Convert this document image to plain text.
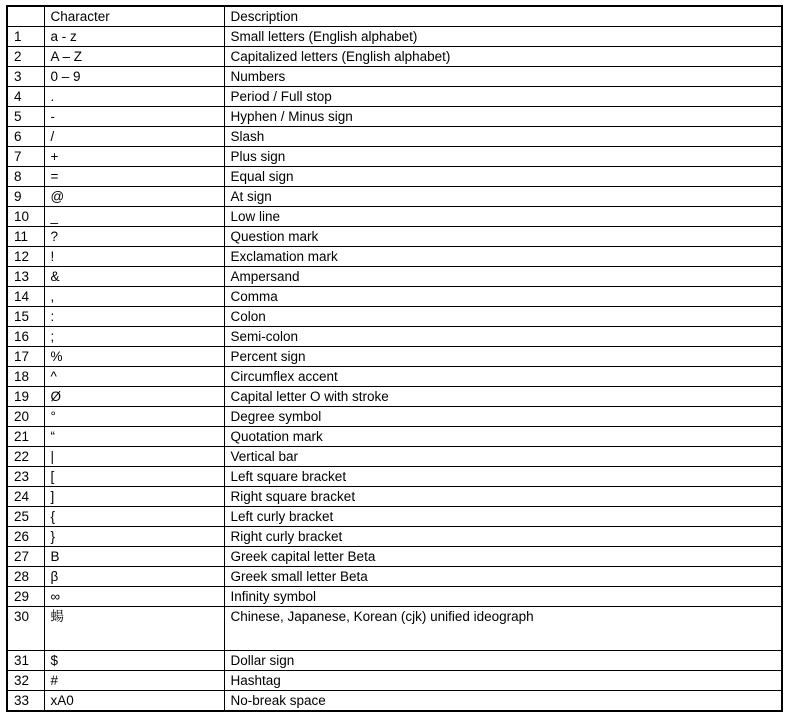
	Character	Description
1	a - z	Small letters (English alphabet)
2	A – Z	Capitalized letters (English alphabet)
3	0 – 9	Numbers
4	.	Period / Full stop
5	-	Hyphen / Minus sign
6	/	Slash
7	+	Plus sign
8	=	Equal sign
9	@	At sign
10	_	Low line
11	?	Question mark
12	!	Exclamation mark
13	&	Ampersand
14	,	Comma
15	:	Colon
16	;	Semi-colon
17	%	Percent sign
18	^	Circumflex accent
19	Ø	Capital letter O with stroke
20	°	Degree symbol
21	“	Quotation mark
22	|	Vertical bar
23	[	Left square bracket
24	]	Right square bracket
25	{	Left curly bracket
26	}	Right curly bracket
27	B	Greek capital letter Beta
28	β	Greek small letter Beta
29	∞	Infinity symbol
30	蝪	Chinese, Japanese, Korean (cjk) unified ideograph
31	$	Dollar sign
32	#	Hashtag
33	xA0	No-break space
